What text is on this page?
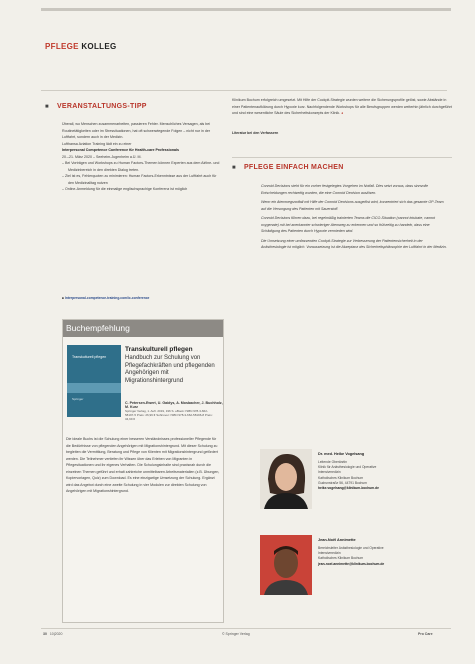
PFLEGE KOLLEG
■ VERANSTALTUNGS-TIPP

Überall, wo Menschen zusammenarbeiten, passieren Fehler. Menschliches Versagen, als bei Routinetätigkeiten oder im Stressituationen, hat oft schwerwiegende Folgen – nicht nur in der Luftfahrt, sondern auch in der Medizin.

Lufthansa Aviation Training lädt ein zu einer

Interpersonal Competence Conference für Health-care Professionals

20.–21. März 2020 – Seeheim-Jugenheim a.Ü. M.

– Bei Vorträgen und Workshops zu Human Factors-Themen können Experten aus dem Airline- und Medizinbereich in den direkten Dialog treten.

– Ziel ist es, Fehlerquoten zu minimieren: Human Factors-Erkenntnisse aus der Luftfahrt auch für den Medizinalltag nutzen

– Online-Anmeldung für die einmalige englischsprachige Konferenz ist möglich

■ Interpersonal-competence-training.com/ic-conference
Buchempfehlung
Transkulturell pflegen
Springer
Transkulturell pflegen
Handbuch zur Schulung von Pflegefachkräften und pflegenden Angehörigen mit Migrationshintergrund
C. Petersen-Ewert, U. Gaidys, A. Mosbacher, J. Buchholz, M. Kurz
Springer Verlag, 1. Aufl. 2019, 196 S. eBook: ISBN 978-3-662-58197-5 Preis: 26,99 € Softcover: ISBN 978-3-662-58196-8 Preis: 34,99 €
Die ideale Buchs ist die Schulung einer besseren Verständnisses professioneller Pflegende für die Bedürfnisse von pflegenden Angehörigen mit Migrationshintergrund. Mit dieser Schulung zu begleiten die Vermittlung, Beratung und Pflege von Klienten mit Migrationshintergrund gefördert werden. Die Teilnehmer vertiefen ihr Wissen über das Erleben von Migranten in Pflegesituationen und ihr eigenes Verhalten. Die Schulungsinhalte sind praxisnah durch die einzelnen Themen geführt und erhalt zahlreiche unmittelbaren Arbeitsmaterialien (z.B. Übungen, Kopiervorlagen, Quiz) zum Download. Es eine einzigartige Umsetzung der Schulung. Ergänzt wird das Angebot durch eine zweite Schulung in vier Modulen zur direkten Schulung von Angehörigen mit Migrationshintergrund.

Klinikum Bochum erfolgreich umgesetzt. Mit Hilfe der Cockpit-Strategie wurden weitere die Sicherungsprofile gelöst, sowie Abstände in einer Patientenaufklärung durch Hypoxie kurz. Nachfolgendende Workshops für alle Berufsgruppen werden weiterhin jährlich durchgeführt und sind eine wesentliche Säule des Sicherheitskonzepts der Klinik. ◂

Literatur bei den Verfassern
■ PFLEGE EINFACH MACHEN

Conroid Decisions steht für ein vorher festgelegtes Vorgehen im Notfall. Dies setzt voraus, dass sinnvolle Entscheidungen rechtzeitig wurden, die eine Conroid Decision auslösen.

Wenn ein Atemwegsnotfall mit Hilfe der Conroid Decisions ausgelöst wird, konzentriert sich das gesamte OP-Team auf die Versorgung des Patienten mit Sauerstoff.

Conroid Decisions führen dazu, bei regelmäßig trainierten Teams die CICO-Situation (cannot intubate, cannot oxygenate) mit bei anerkannter schwieriger Atemweg zu erkennen und so frühzeitig zu handeln, dass eine Schädigung des Patienten durch Hypoxie vermieden wird.

Die Umsetzung einer umfassenden Cockpit-Strategie zur Verbesserung der Patientensicherheit in der Anästhesiologie ist möglich. Voraussetzung ist die Akzeptanz des Sicherheitsphilosophie der Luftfahrt in der Medizin.

Dr. med. Heike Vogelsang
Leitende Oberärztin
Klinik für Anästhesiologie und Operative
Intensivmedizin
Katholisches Klinikum Bochum
Gudrunstraße 56, 44791 Bochum
heike.vogelsang@klinikum-bochum.de
Jean-Noël Annimette
Bereichsleiter Anästhesiologie und Operative
Intensivmedizin
Katholisches Klinikum Bochum
jean-noel.annimette@klinikum-bochum.de
30 10|2020	© Springer Verlag	Pro Care
